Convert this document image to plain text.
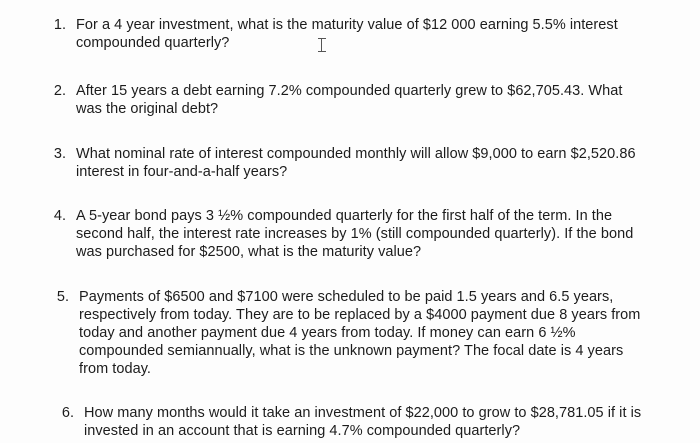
1. For a 4 year investment, what is the maturity value of $12 000 earning 5.5% interest
compounded quarterly?
2. After 15 years a debt earning 7.2% compounded quarterly grew to $62,705.43. What
was the original debt?
3. What nominal rate of interest compounded monthly will allow $9,000 to earn $2,520.86
interest in four-and-a-half years?
4. A 5-year bond pays 3 ½% compounded quarterly for the first half of the term. In the
second half, the interest rate increases by 1% (still compounded quarterly). If the bond
was purchased for $2500, what is the maturity value?
5. Payments of $6500 and $7100 were scheduled to be paid 1.5 years and 6.5 years,
respectively from today. They are to be replaced by a $4000 payment due 8 years from
today and another payment due 4 years from today. If money can earn 6 ½%
compounded semiannually, what is the unknown payment? The focal date is 4 years
from today.
6. How many months would it take an investment of $22,000 to grow to $28,781.05 if it is
invested in an account that is earning 4.7% compounded quarterly?
